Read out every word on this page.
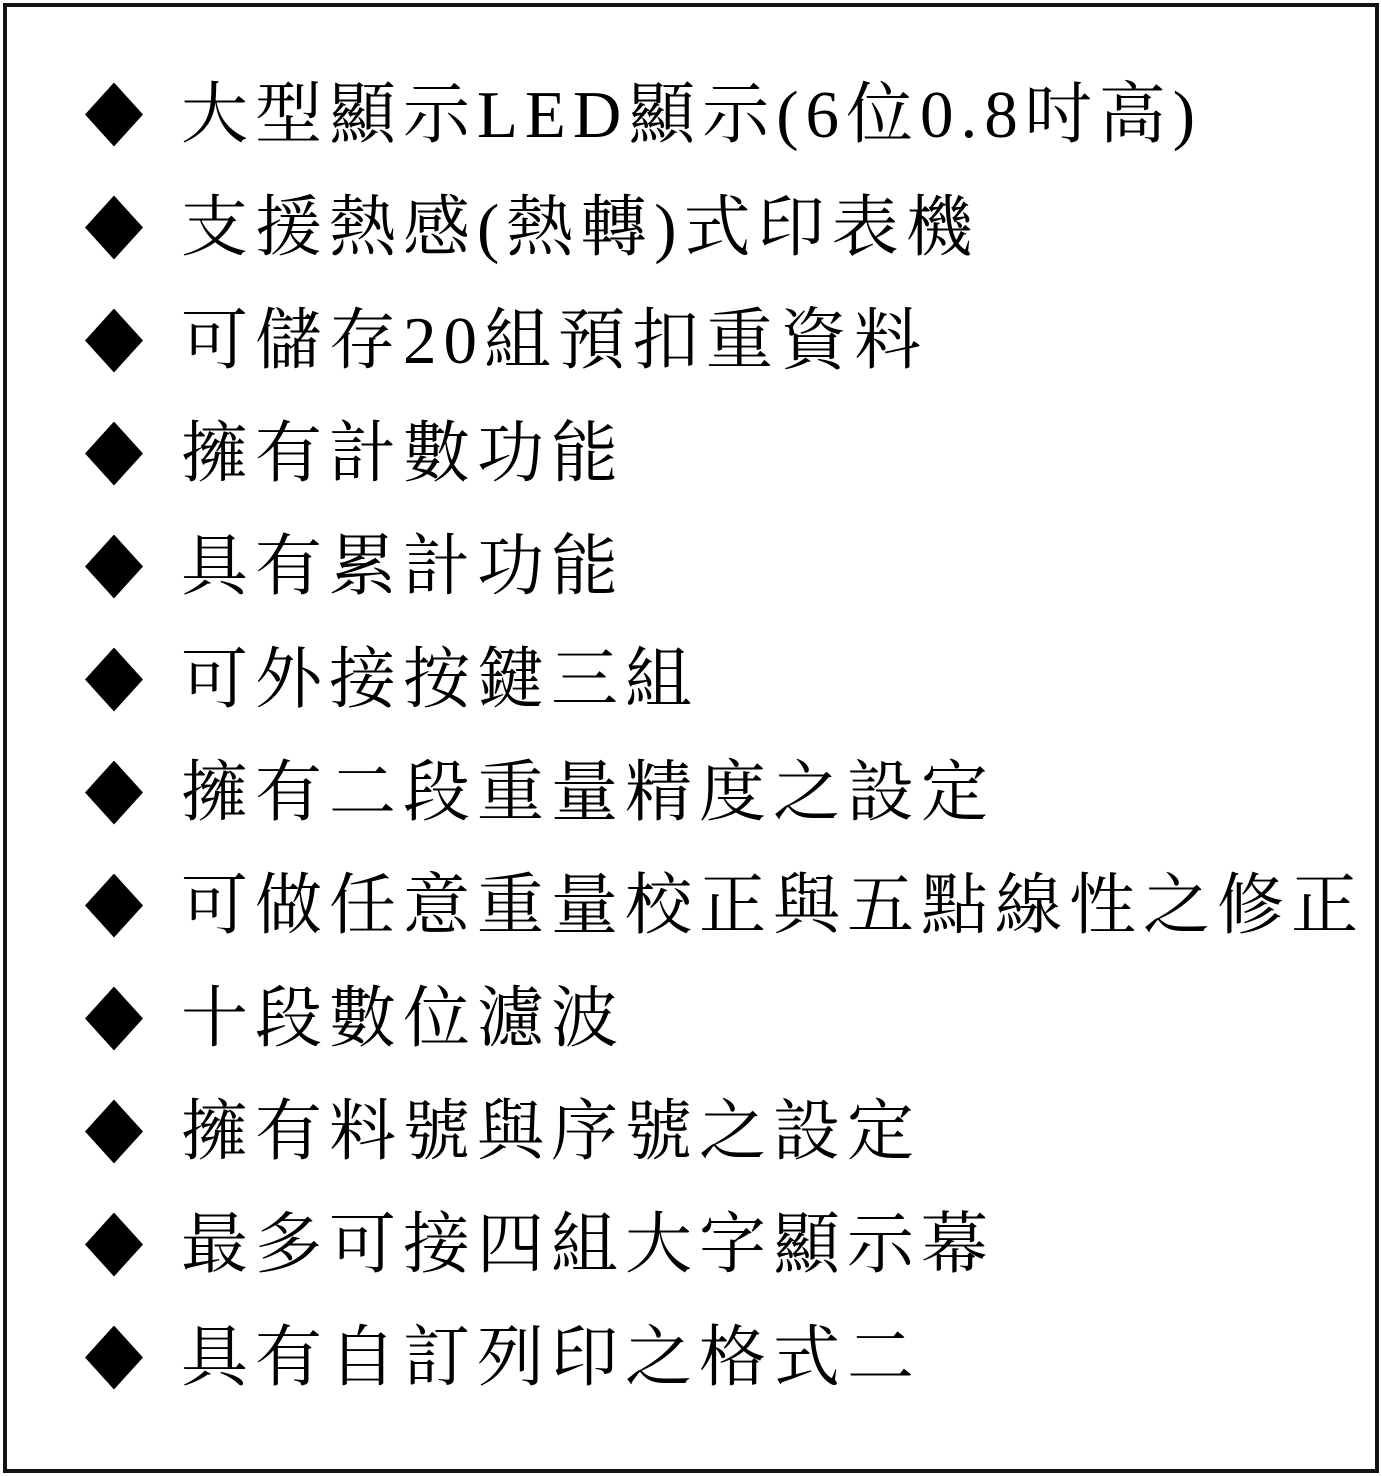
大型顯示LED顯示(6位0.8吋高)
支援熱感(熱轉)式印表機
可儲存20組預扣重資料
擁有計數功能
具有累計功能
可外接按鍵三組
擁有二段重量精度之設定
可做任意重量校正與五點線性之修正
十段數位濾波
擁有料號與序號之設定
最多可接四組大字顯示幕
具有自訂列印之格式二
